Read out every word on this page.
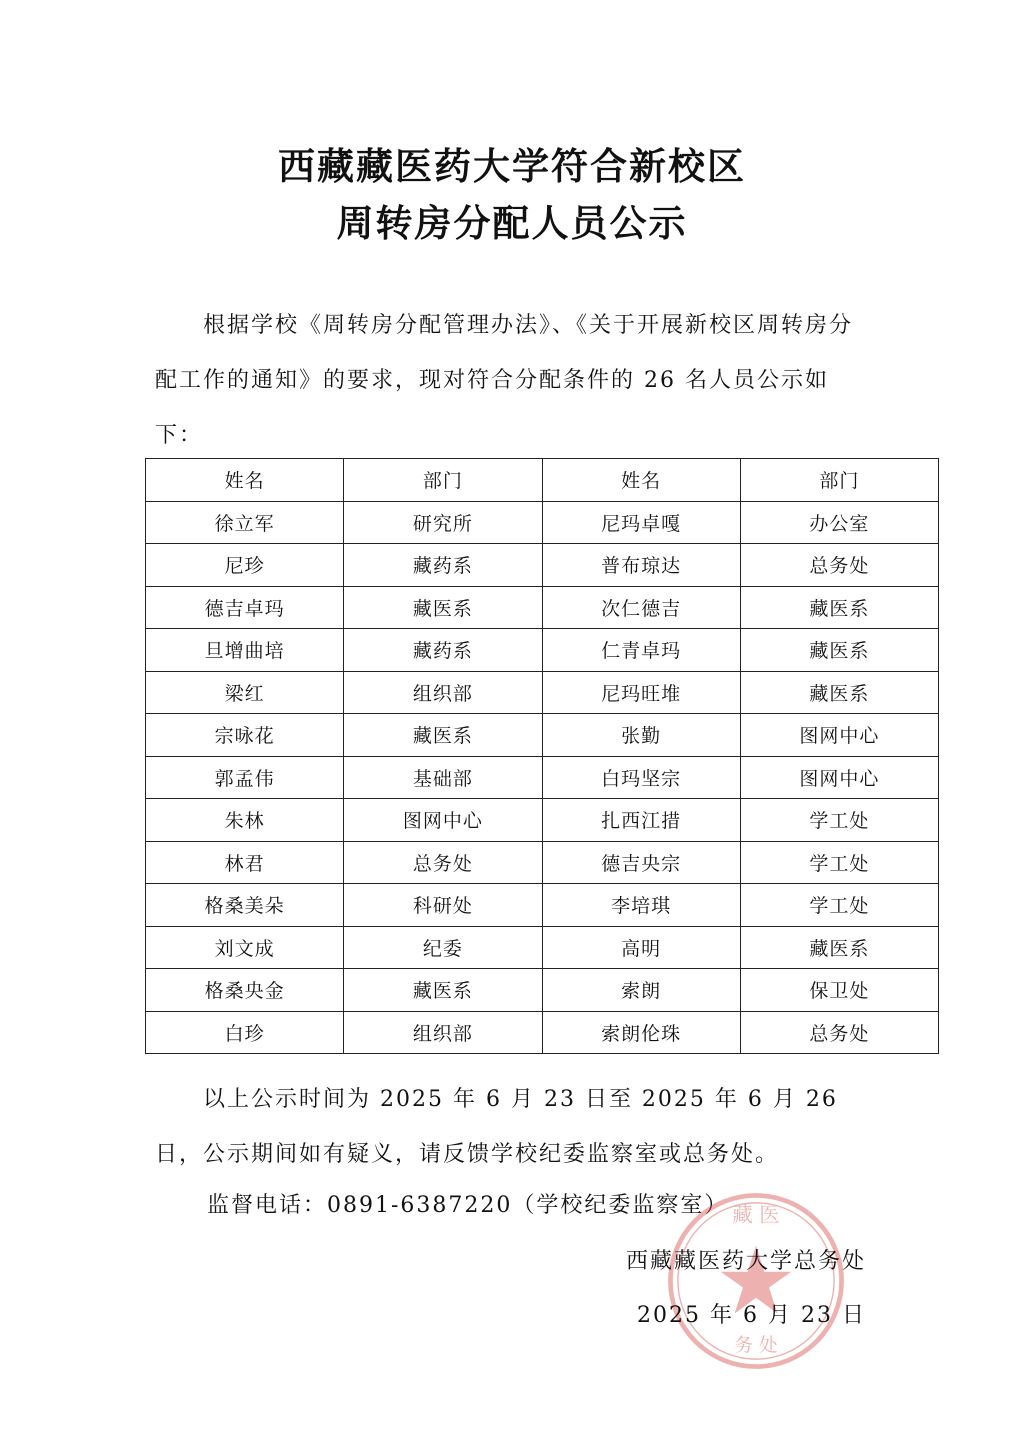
西藏藏医药大学符合新校区
周转房分配人员公示
根据学校《周转房分配管理办法》、《关于开展新校区周转房分配工作的通知》的要求，现对符合分配条件的 26 名人员公示如下：
姓名	部门	姓名	部门
徐立军	研究所	尼玛卓嘎	办公室
尼珍	藏药系	普布琼达	总务处
德吉卓玛	藏医系	次仁德吉	藏医系
旦增曲培	藏药系	仁青卓玛	藏医系
梁红	组织部	尼玛旺堆	藏医系
宗咏花	藏医系	张勤	图网中心
郭孟伟	基础部	白玛坚宗	图网中心
朱林	图网中心	扎西江措	学工处
林君	总务处	德吉央宗	学工处
格桑美朵	科研处	李培琪	学工处
刘文成	纪委	高明	藏医系
格桑央金	藏医系	索朗	保卫处
白珍	组织部	索朗伦珠	总务处
以上公示时间为 2025 年 6 月 23 日至 2025 年 6 月 26 日，公示期间如有疑义，请反馈学校纪委监察室或总务处。
监督电话：0891-6387220（学校纪委监察室） 藏 医
务 处
西藏藏医药大学总务处
2025 年 6 月 23 日
